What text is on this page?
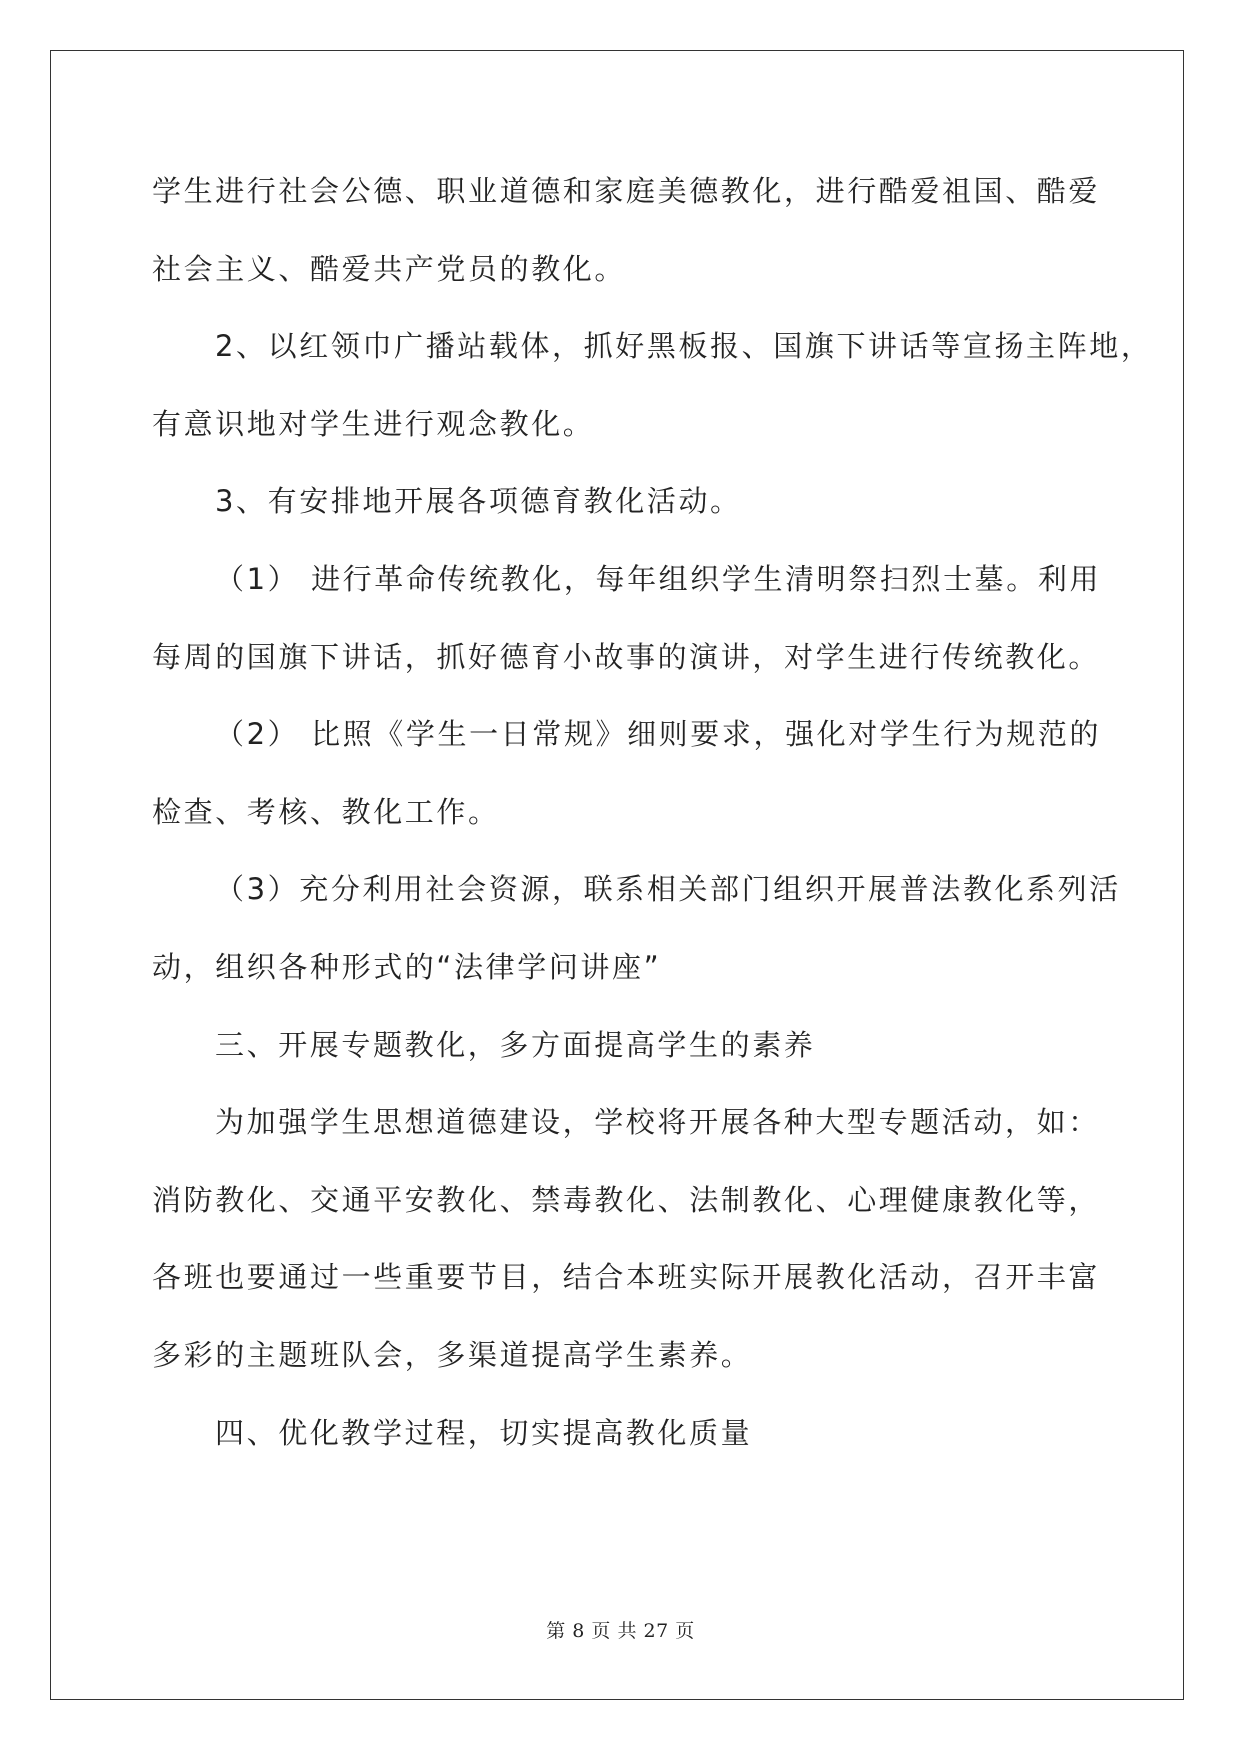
学生进行社会公德、职业道德和家庭美德教化，进行酷爱祖国、酷爱

社会主义、酷爱共产党员的教化。

2、以红领巾广播站载体，抓好黑板报、国旗下讲话等宣扬主阵地，

有意识地对学生进行观念教化。

3、有安排地开展各项德育教化活动。

（1） 进行革命传统教化，每年组织学生清明祭扫烈士墓。利用

每周的国旗下讲话，抓好德育小故事的演讲，对学生进行传统教化。

（2） 比照《学生一日常规》细则要求，强化对学生行为规范的

检查、考核、教化工作。

（3）充分利用社会资源，联系相关部门组织开展普法教化系列活

动，组织各种形式的“法律学问讲座”

三、开展专题教化，多方面提高学生的素养

为加强学生思想道德建设，学校将开展各种大型专题活动，如：

消防教化、交通平安教化、禁毒教化、法制教化、心理健康教化等，

各班也要通过一些重要节目，结合本班实际开展教化活动，召开丰富

多彩的主题班队会，多渠道提高学生素养。

四、优化教学过程，切实提高教化质量

第 8 页 共 27 页
